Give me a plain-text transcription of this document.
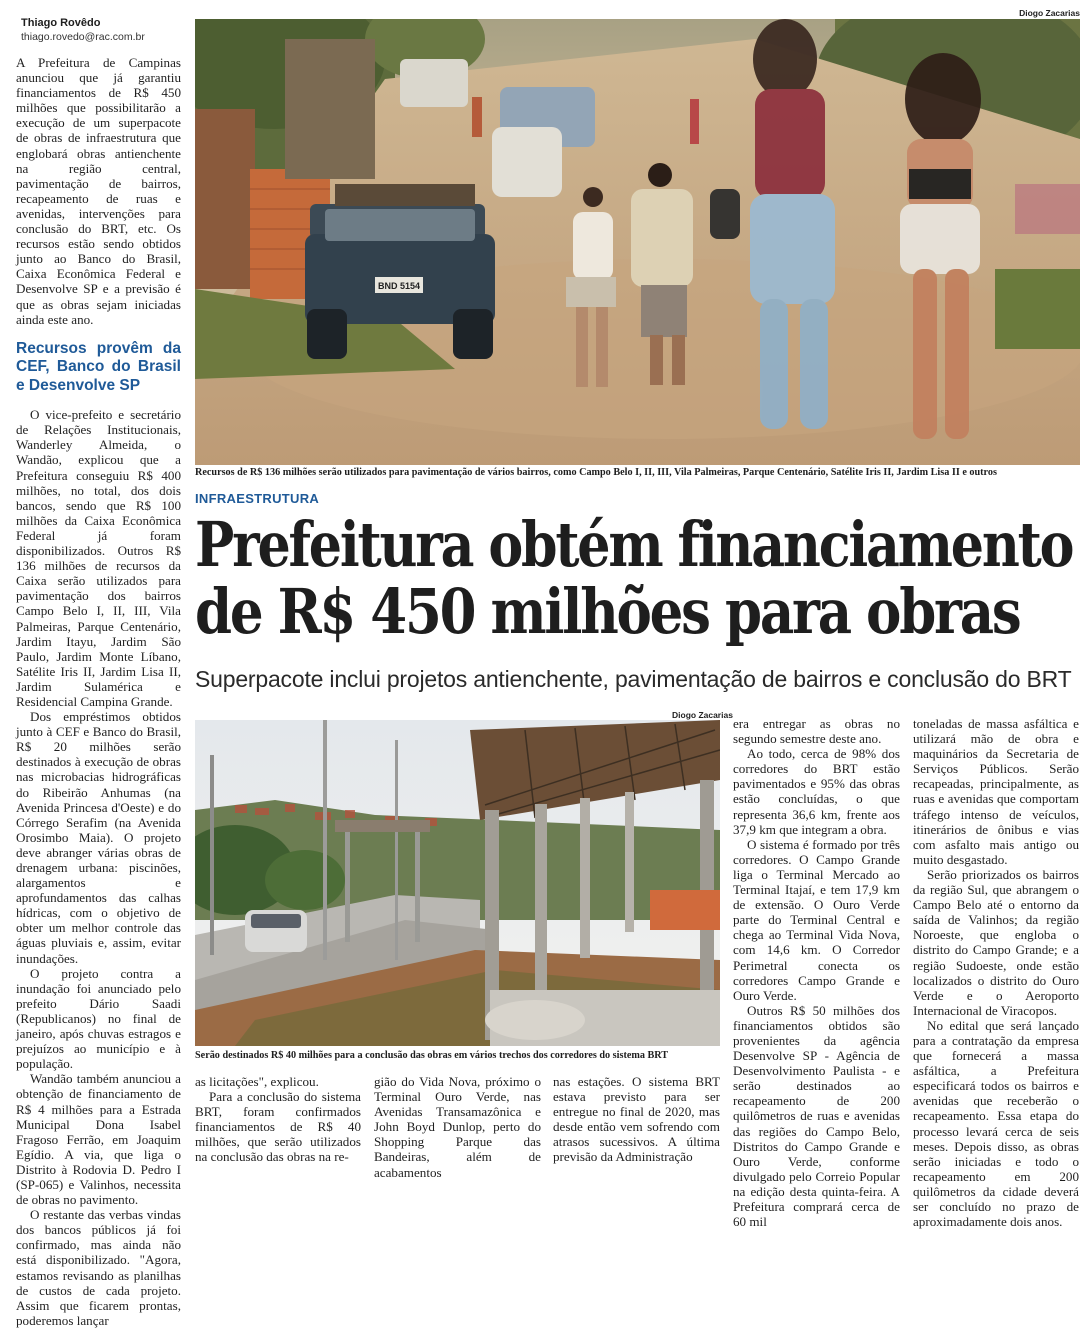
Thiago Rovêdo
thiago.rovedo@rac.com.br

A Prefeitura de Campinas anunciou que já garantiu financiamentos de R$ 450 milhões que possibilitarão a execução de um superpacote de obras de infraestrutura que englobará obras antienchente na região central, pavimentação de bairros, recapeamento de ruas e avenidas, intervenções para conclusão do BRT, etc. Os recursos estão sendo obtidos junto ao Banco do Brasil, Caixa Econômica Federal e Desenvolve SP e a previsão é que as obras sejam iniciadas ainda este ano.

Recursos provêm da CEF, Banco do Brasil e Desenvolve SP

O vice-prefeito e secretário de Relações Institucionais, Wanderley Almeida, o Wandão, explicou que a Prefeitura conseguiu R$ 400 milhões, no total, dos dois bancos, sendo que R$ 100 milhões da Caixa Econômica Federal já foram disponibilizados. Outros R$ 136 milhões de recursos da Caixa serão utilizados para pavimentação dos bairros Campo Belo I, II, III, Vila Palmeiras, Parque Centenário, Jardim Itayu, Jardim São Paulo, Jardim Monte Líbano, Satélite Iris II, Jardim Lisa II, Jardim Sulamérica e Residencial Campina Grande.

Dos empréstimos obtidos junto à CEF e Banco do Brasil, R$ 20 milhões serão destinados à execução de obras nas microbacias hidrográficas do Ribeirão Anhumas (na Avenida Princesa d'Oeste) e do Córrego Serafim (na Avenida Orosimbo Maia). O projeto deve abranger várias obras de drenagem urbana: piscinões, alargamentos e aprofundamentos das calhas hídricas, com o objetivo de obter um melhor controle das águas pluviais e, assim, evitar inundações.

O projeto contra a inundação foi anunciado pelo prefeito Dário Saadi (Republicanos) no final de janeiro, após chuvas estragos e prejuízos ao município e à população.

Wandão também anunciou a obtenção de financiamento de R$ 4 milhões para a Estrada Municipal Dona Isabel Fragoso Ferrão, em Joaquim Egídio. A via, que liga o Distrito à Rodovia D. Pedro I (SP-065) e Valinhos, necessita de obras no pavimento.

O restante das verbas vindas dos bancos públicos já foi confirmado, mas ainda não está disponibilizado. "Agora, estamos revisando as planilhas de custos de cada projeto. Assim que ficarem prontas, poderemos lançar

Diogo Zacarias
BND 5154
Recursos de R$ 136 milhões serão utilizados para pavimentação de vários bairros, como Campo Belo I, II, III, Vila Palmeiras, Parque Centenário, Satélite Iris II, Jardim Lisa II e outros
INFRAESTRUTURA
Prefeitura obtém financiamento
de R$ 450 milhões para obras
Superpacote inclui projetos antienchente, pavimentação de bairros e conclusão do BRT
Diogo Zacarias
Serão destinados R$ 40 milhões para a conclusão das obras em vários trechos dos corredores do sistema BRT

as licitações", explicou.

Para a conclusão do sistema BRT, foram confirmados financiamentos de R$ 40 milhões, que serão utilizados na conclusão das obras na re-

gião do Vida Nova, próximo o Terminal Ouro Verde, nas Avenidas Transamazônica e John Boyd Dunlop, perto do Shopping Parque das Bandeiras, além de acabamentos

nas estações. O sistema BRT estava previsto para ser entregue no final de 2020, mas desde então vem sofrendo com atrasos sucessivos. A última previsão da Administração

era entregar as obras no segundo semestre deste ano.

Ao todo, cerca de 98% dos corredores do BRT estão pavimentados e 95% das obras estão concluídas, o que representa 36,6 km, frente aos 37,9 km que integram a obra.

O sistema é formado por três corredores. O Campo Grande liga o Terminal Mercado ao Terminal Itajaí, e tem 17,9 km de extensão. O Ouro Verde parte do Terminal Central e chega ao Terminal Vida Nova, com 14,6 km. O Corredor Perimetral conecta os corredores Campo Grande e Ouro Verde.

Outros R$ 50 milhões dos financiamentos obtidos são provenientes da agência Desenvolve SP - Agência de Desenvolvimento Paulista - e serão destinados ao recapeamento de 200 quilômetros de ruas e avenidas das regiões do Campo Belo, Distritos do Campo Grande e Ouro Verde, conforme divulgado pelo Correio Popular na edição desta quinta-feira. A Prefeitura comprará cerca de 60 mil

toneladas de massa asfáltica e utilizará mão de obra e maquinários da Secretaria de Serviços Públicos. Serão recapeadas, principalmente, as ruas e avenidas que comportam tráfego intenso de veículos, itinerários de ônibus e vias com asfalto mais antigo ou muito desgastado.

Serão priorizados os bairros da região Sul, que abrangem o Campo Belo até o entorno da saída de Valinhos; da região Noroeste, que engloba o distrito do Campo Grande; e a região Sudoeste, onde estão localizados o distrito do Ouro Verde e o Aeroporto Internacional de Viracopos.

No edital que será lançado para a contratação da empresa que fornecerá a massa asfáltica, a Prefeitura especificará todos os bairros e avenidas que receberão o recapeamento. Essa etapa do processo levará cerca de seis meses. Depois disso, as obras serão iniciadas e todo o recapeamento em 200 quilômetros da cidade deverá ser concluído no prazo de aproximadamente dois anos.
